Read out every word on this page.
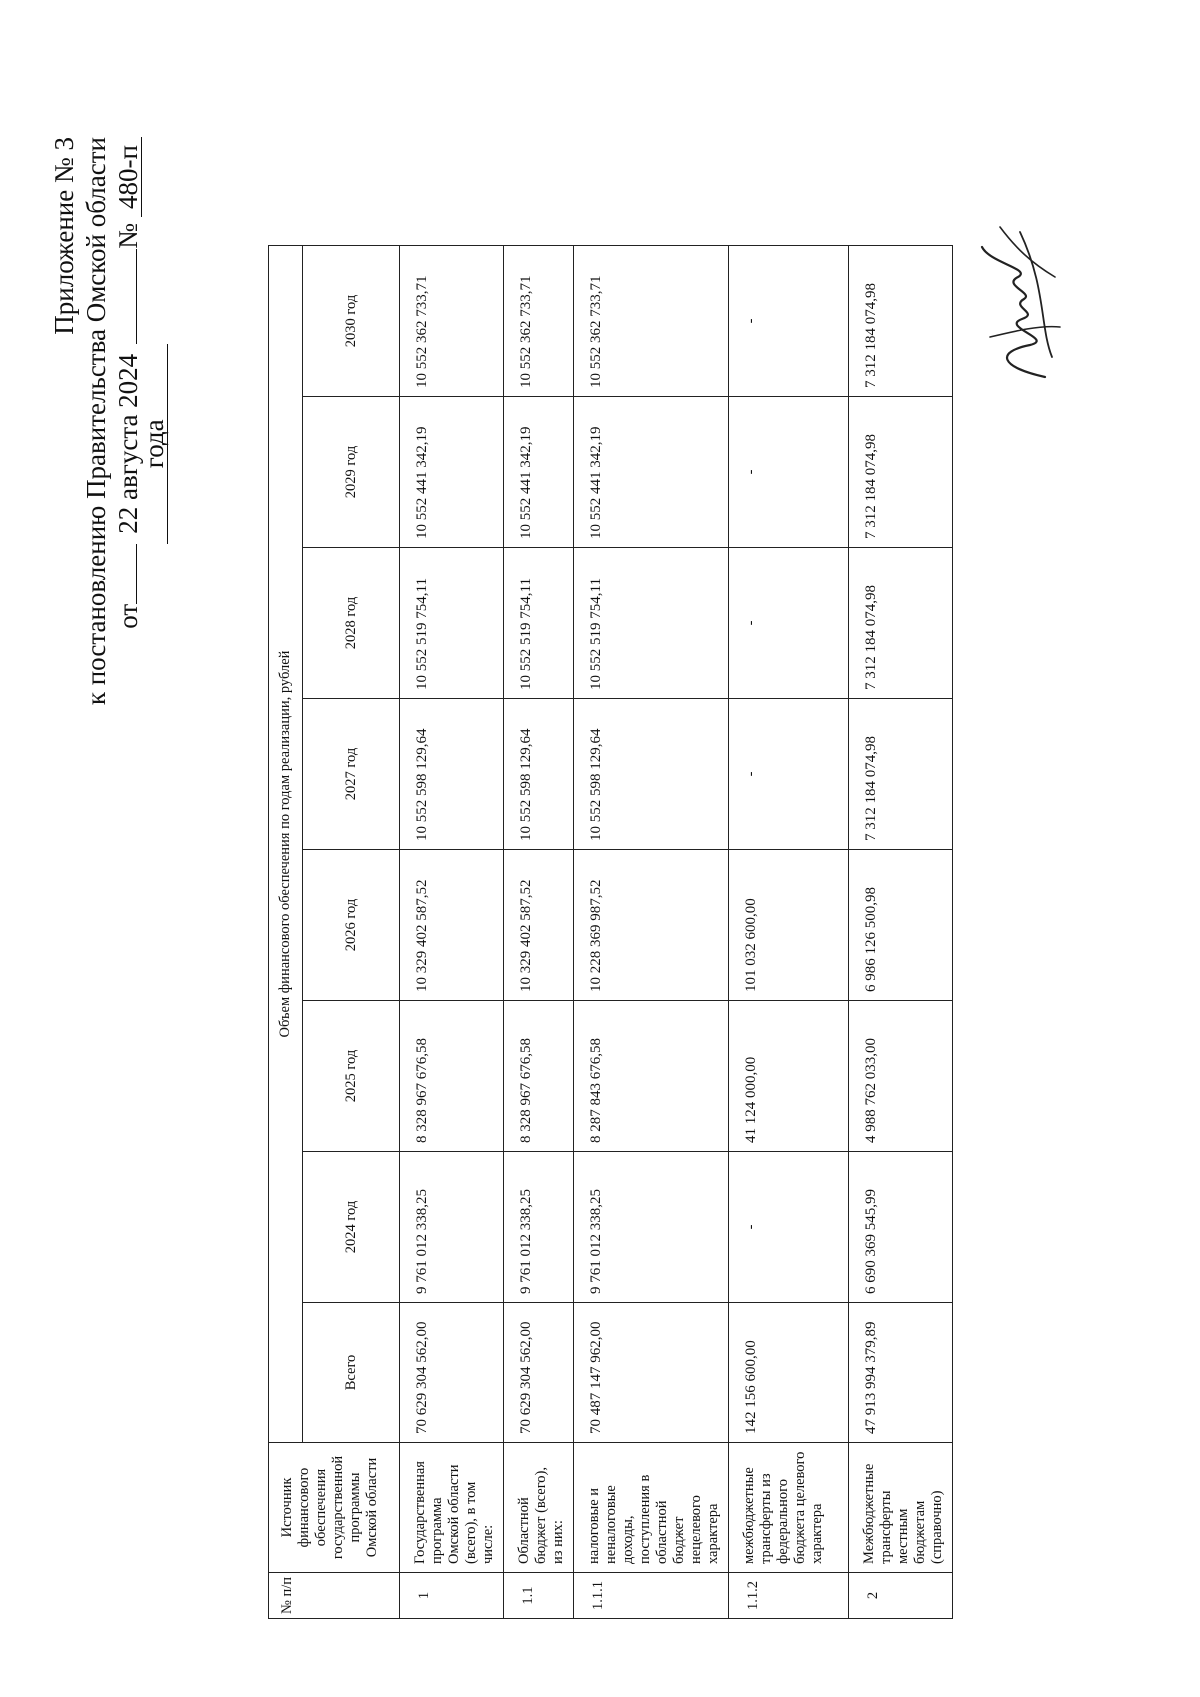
Приложение № 3 к постановлению Правительства Омской области от
22 августа 2024 года
№
480-п
№ п/п	Источник финансового обеспечения государственной программы Омской области	Объем финансового обеспечения по годам реализации, рублей							
		Всего	2024 год	2025 год	2026 год	2027 год	2028 год	2029 год	2030 год
1	Государственная программа Омской области (всего), в том числе:	70 629 304 562,00	9 761 012 338,25	8 328 967 676,58	10 329 402 587,52	10 552 598 129,64	10 552 519 754,11	10 552 441 342,19	10 552 362 733,71
1.1	Областной бюджет (всего), из них:	70 629 304 562,00	9 761 012 338,25	8 328 967 676,58	10 329 402 587,52	10 552 598 129,64	10 552 519 754,11	10 552 441 342,19	10 552 362 733,71
1.1.1	налоговые и неналоговые доходы, поступления в областной бюджет нецелевого характера	70 487 147 962,00	9 761 012 338,25	8 287 843 676,58	10 228 369 987,52	10 552 598 129,64	10 552 519 754,11	10 552 441 342,19	10 552 362 733,71
1.1.2	межбюджетные трансферты из федерального бюджета целевого характера	142 156 600,00	-	41 124 000,00	101 032 600,00	-	-	-	-
2	Межбюджетные трансферты местным бюджетам (справочно)	47 913 994 379,89	6 690 369 545,99	4 988 762 033,00	6 986 126 500,98	7 312 184 074,98	7 312 184 074,98	7 312 184 074,98	7 312 184 074,98
